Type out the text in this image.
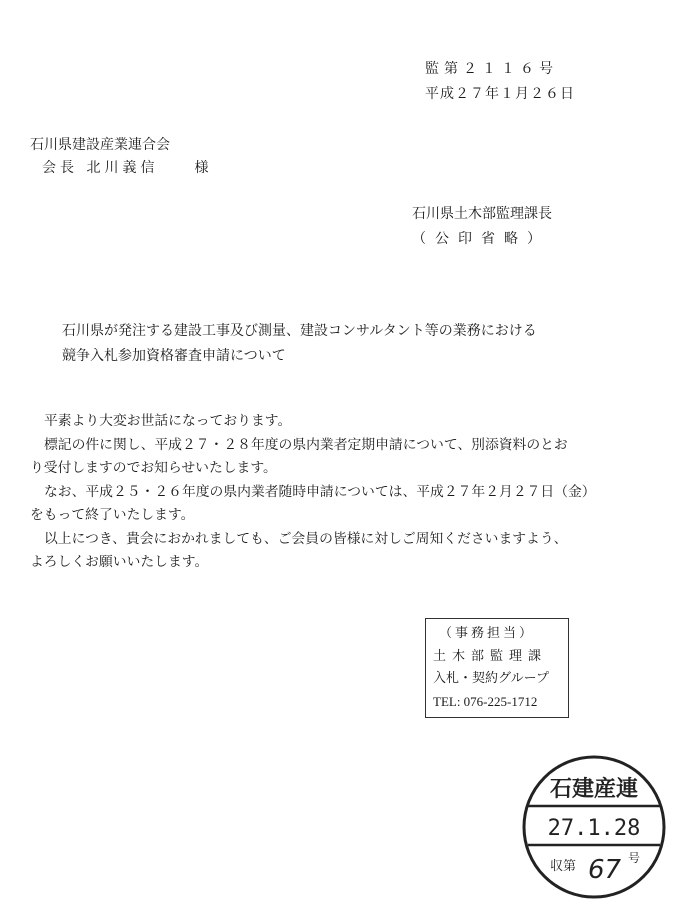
監第２１１６号
平成２７年１月２６日
石川県建設産業連合会
会長 北川義信　　様
石川県土木部監理課長
（公印省略）
石川県が発注する建設工事及び測量、建設コンサルタント等の業務における
競争入札参加資格審査申請について
平素より大変お世話になっております。
標記の件に関し、平成２７・２８年度の県内業者定期申請について、別添資料のとお
り受付しますのでお知らせいたします。
なお、平成２５・２６年度の県内業者随時申請については、平成２７年２月２７日（金）
をもって終了いたします。
以上につき、貴会におかれましても、ご会員の皆様に対しご周知くださいますよう、
よろしくお願いいたします。
（事務担当）
土木部監理課
入札・契約グループ
TEL: 076-225-1712
石建産連
27.1.28
収第 67 号
